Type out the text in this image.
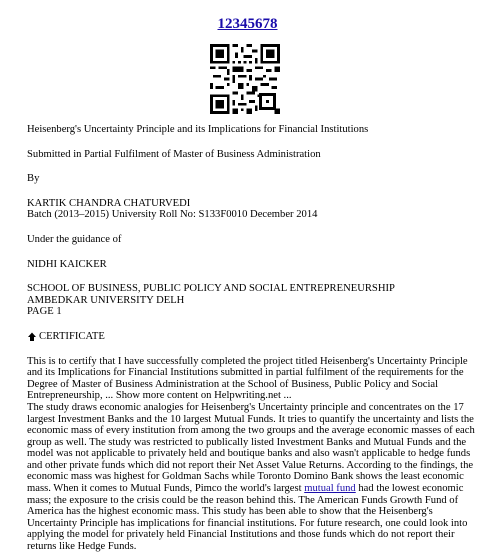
12345678

Heisenberg's Uncertainty Principle and its Implications for Financial Institutions

Submitted in Partial Fulfilment of Master of Business Administration

By

KARTIK CHANDRA CHATURVEDI

Batch (2013–2015) University Roll No: S133F0010 December 2014

Under the guidance of

NIDHI KAICKER

SCHOOL OF BUSINESS, PUBLIC POLICY AND SOCIAL ENTREPRENEURSHIP

AMBEDKAR UNIVERSITY DELH

PAGE 1

CERTIFICATE

This is to certify that I have successfully completed the project titled Heisenberg's Uncertainty Principle and its Implications for Financial Institutions submitted in partial fulfilment of the requirements for the Degree of Master of Business Administration at the School of Business, Public Policy and Social Entrepreneurship, ... Show more content on Helpwriting.net ...

The study draws economic analogies for Heisenberg's Uncertainty principle and concentrates on the 17 largest Investment Banks and the 10 largest Mutual Funds. It tries to quantify the uncertainty and lists the economic mass of every institution from among the two groups and the average economic masses of each group as well. The study was restricted to publically listed Investment Banks and Mutual Funds and the model was not applicable to privately held and boutique banks and also wasn't applicable to hedge funds and other private funds which did not report their Net Asset Value Returns. According to the findings, the economic mass was highest for Goldman Sachs while Toronto Domino Bank shows the least economic mass. When it comes to Mutual Funds, Pimco the world's largest mutual fund had the lowest economic mass; the exposure to the crisis could be the reason behind this. The American Funds Growth Fund of America has the highest economic mass. This study has been able to show that the Heisenberg's Uncertainty Principle has implications for financial institutions. For future research, one could look into applying the model for privately held Financial Institutions and those funds which do not report their returns like Hedge Funds.
